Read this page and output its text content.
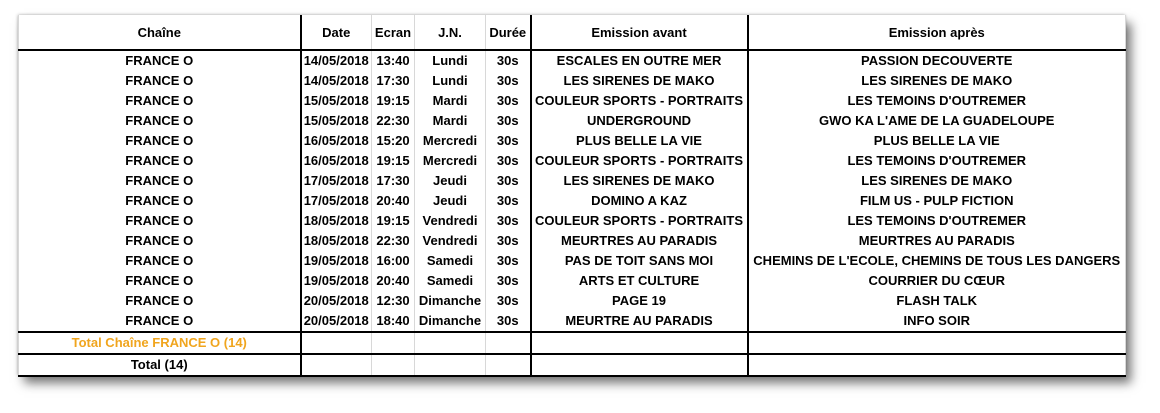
Chaîne	Date	Ecran	J.N.	Durée	Emission avant	Emission après
FRANCE O	14/05/2018	13:40	Lundi	30s	ESCALES EN OUTRE MER	PASSION DECOUVERTE
FRANCE O	14/05/2018	17:30	Lundi	30s	LES SIRENES DE MAKO	LES SIRENES DE MAKO
FRANCE O	15/05/2018	19:15	Mardi	30s	COULEUR SPORTS - PORTRAITS	LES TEMOINS D'OUTREMER
FRANCE O	15/05/2018	22:30	Mardi	30s	UNDERGROUND	GWO KA L'AME DE LA GUADELOUPE
FRANCE O	16/05/2018	15:20	Mercredi	30s	PLUS BELLE LA VIE	PLUS BELLE LA VIE
FRANCE O	16/05/2018	19:15	Mercredi	30s	COULEUR SPORTS - PORTRAITS	LES TEMOINS D'OUTREMER
FRANCE O	17/05/2018	17:30	Jeudi	30s	LES SIRENES DE MAKO	LES SIRENES DE MAKO
FRANCE O	17/05/2018	20:40	Jeudi	30s	DOMINO A KAZ	FILM US - PULP FICTION
FRANCE O	18/05/2018	19:15	Vendredi	30s	COULEUR SPORTS - PORTRAITS	LES TEMOINS D'OUTREMER
FRANCE O	18/05/2018	22:30	Vendredi	30s	MEURTRES AU PARADIS	MEURTRES AU PARADIS
FRANCE O	19/05/2018	16:00	Samedi	30s	PAS DE TOIT SANS MOI	CHEMINS DE L'ECOLE, CHEMINS DE TOUS LES DANGERS
FRANCE O	19/05/2018	20:40	Samedi	30s	ARTS ET CULTURE	COURRIER DU CŒUR
FRANCE O	20/05/2018	12:30	Dimanche	30s	PAGE 19	FLASH TALK
FRANCE O	20/05/2018	18:40	Dimanche	30s	MEURTRE AU PARADIS	INFO SOIR
Total Chaîne FRANCE O (14)						
Total (14)						
